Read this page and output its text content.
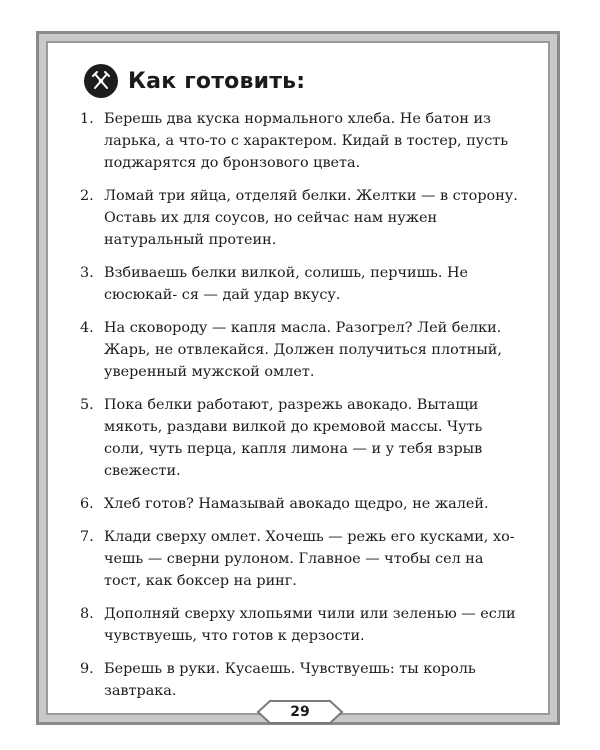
Как готовить:
1. Берешь два куска нормального хлеба. Не батон из ларька, а что-то с характером. Кидай в тостер, пусть поджарятся до бронзового цвета.
2. Ломай три яйца, отделяй белки. Желтки — в сторону. Оставь их для соусов, но сейчас нам нужен натуральный протеин.
3. Взбиваешь белки вилкой, солишь, перчишь. Не сюсюкай- ся — дай удар вкусу.
4. На сковороду — капля масла. Разогрел? Лей белки. Жарь, не отвлекайся. Должен получиться плотный, уверенный мужской омлет.
5. Пока белки работают, разрежь авокадо. Вытащи мякоть, раздави вилкой до кремовой массы. Чуть соли, чуть перца, капля лимона — и у тебя взрыв свежести.
6. Хлеб готов? Намазывай авокадо щедро, не жалей.
7. Клади сверху омлет. Хочешь — режь его кусками, хо- чешь — сверни рулоном. Главное — чтобы сел на тост, как боксер на ринг.
8. Дополняй сверху хлопьями чили или зеленью — если чувствуешь, что готов к дерзости.
9. Берешь в руки. Кусаешь. Чувствуешь: ты король завтрака.
29
